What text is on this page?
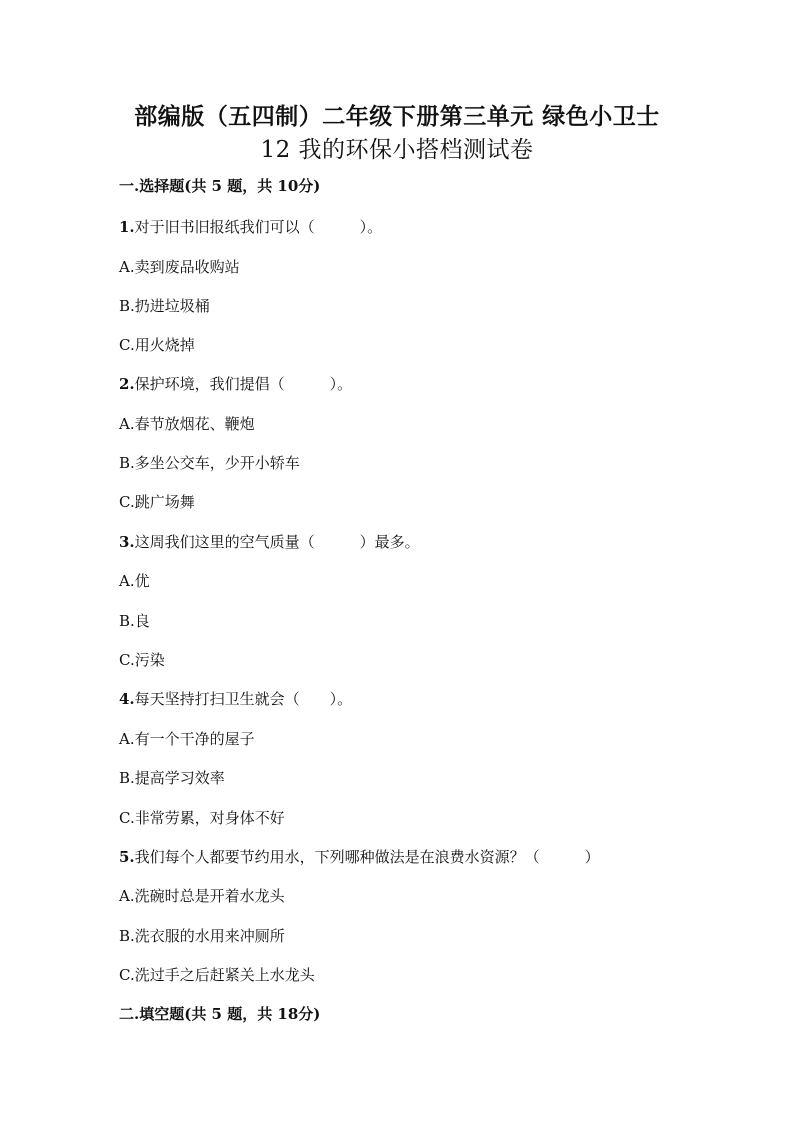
部编版（五四制）二年级下册第三单元 绿色小卫士
12 我的环保小搭档测试卷
一.选择题(共 5 题，共 10分)
1.对于旧书旧报纸我们可以（　　　）。
A.卖到废品收购站
B.扔进垃圾桶
C.用火烧掉
2.保护环境，我们提倡（　　　）。
A.春节放烟花、鞭炮
B.多坐公交车，少开小轿车
C.跳广场舞
3.这周我们这里的空气质量（　　　）最多。
A.优
B.良
C.污染
4.每天坚持打扫卫生就会（　　）。
A.有一个干净的屋子
B.提高学习效率
C.非常劳累，对身体不好
5.我们每个人都要节约用水，下列哪种做法是在浪费水资源？（　　　）
A.洗碗时总是开着水龙头
B.洗衣服的水用来冲厕所
C.洗过手之后赶紧关上水龙头
二.填空题(共 5 题，共 18分)
